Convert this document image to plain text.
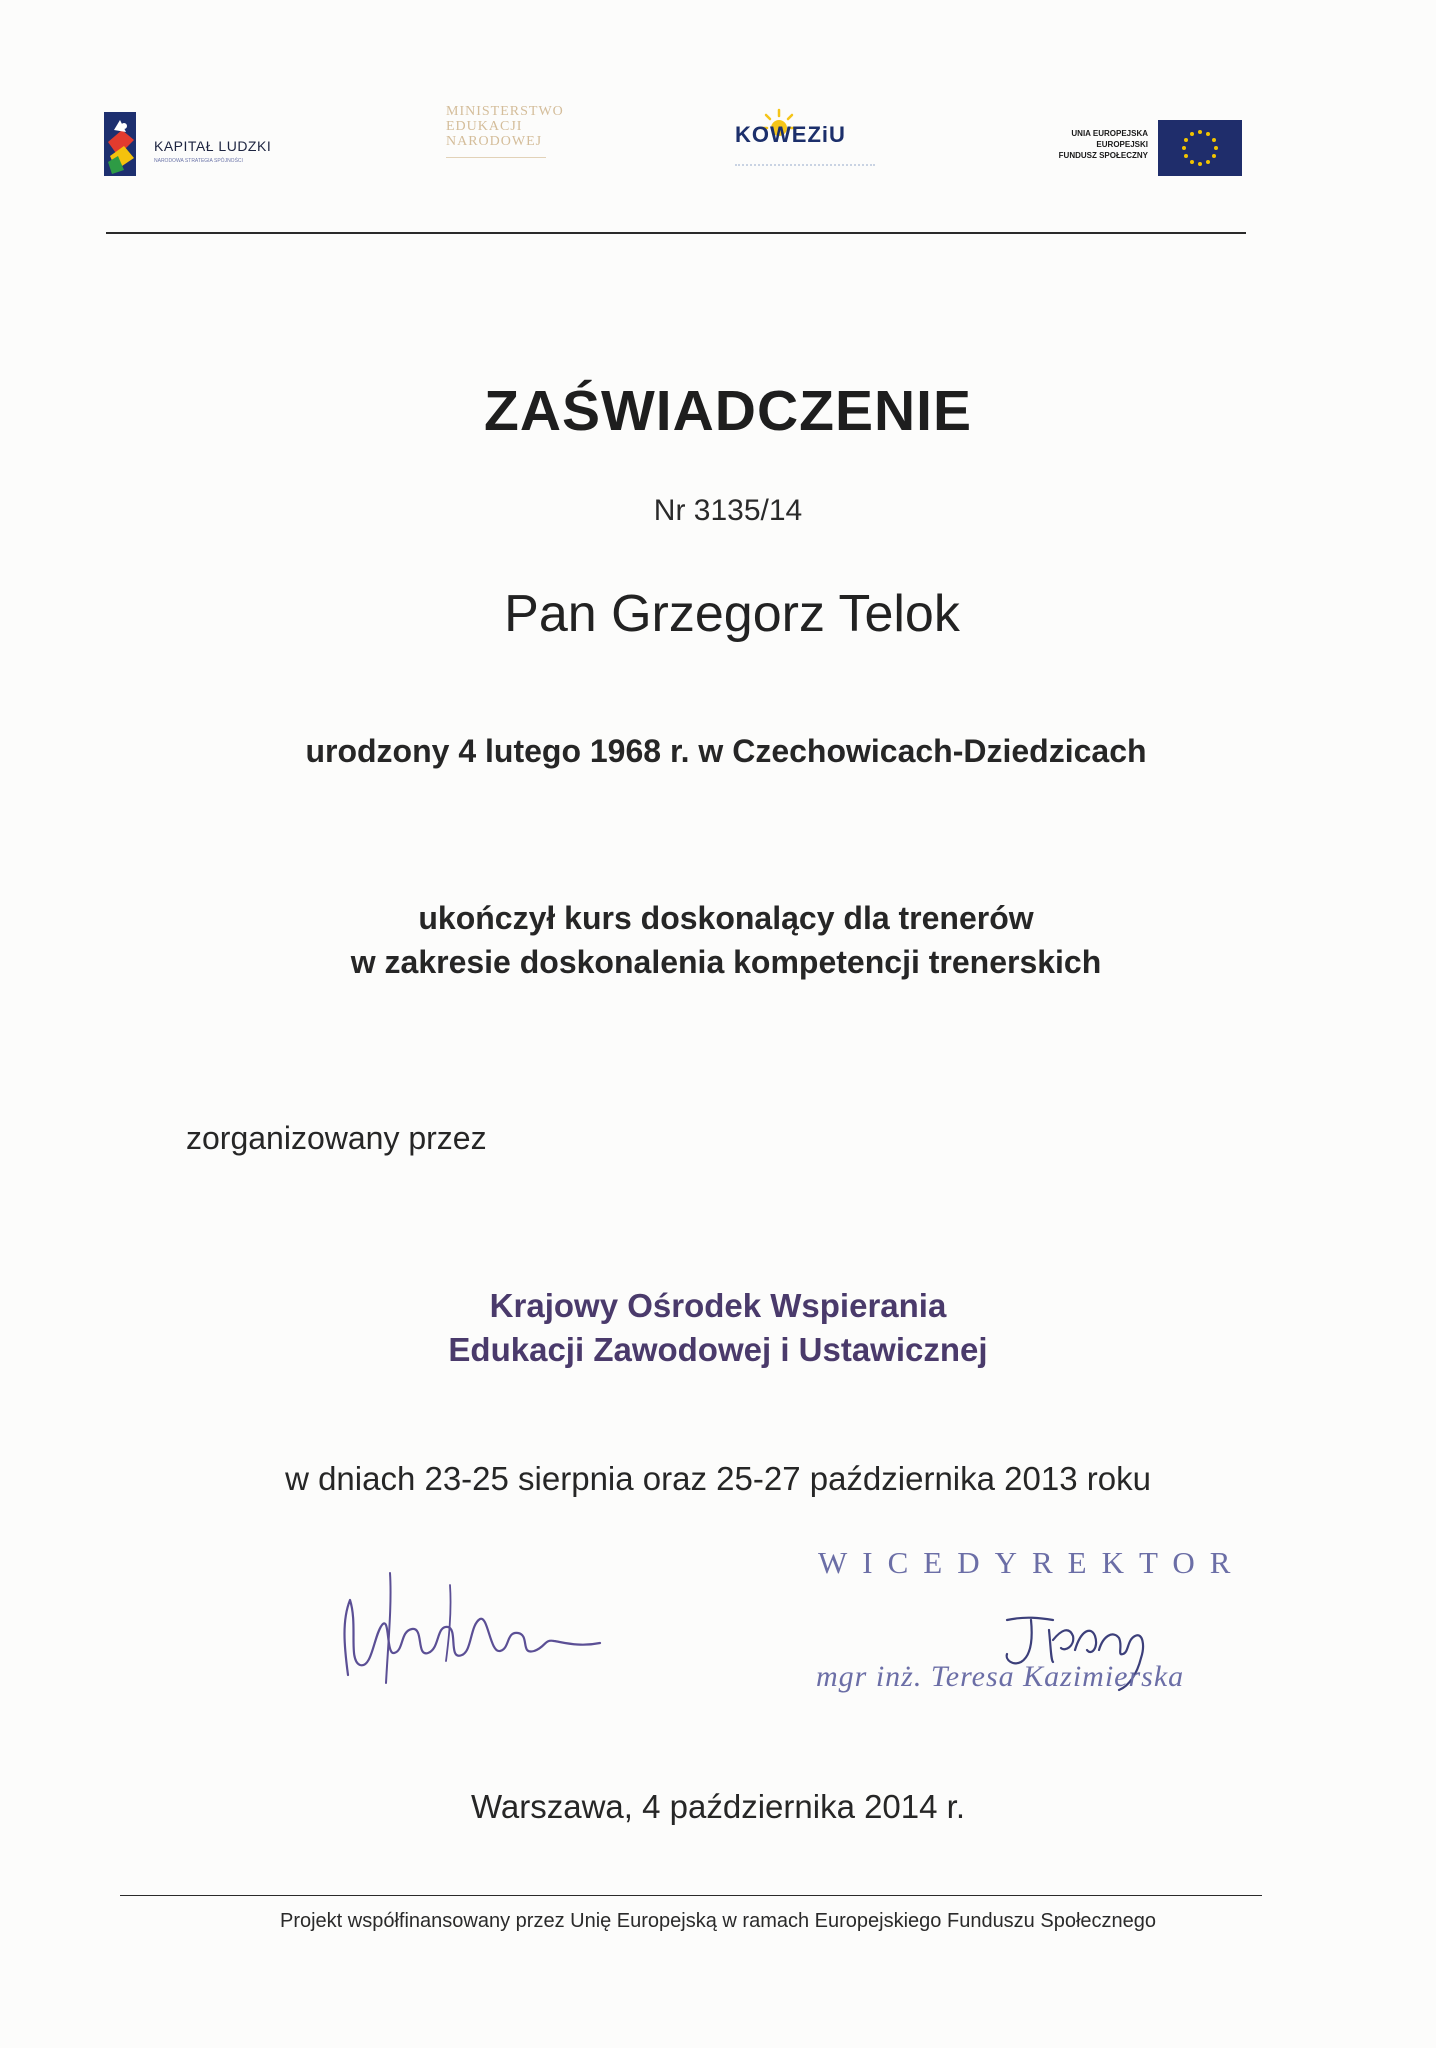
KAPITAŁ LUDZKI
NARODOWA STRATEGIA SPÓJNOŚCI
MINISTERSTWO
EDUKACJI
NARODOWEJ	KOWEZiU	UNIA EUROPEJSKA
EUROPEJSKI
FUNDUSZ SPOŁECZNY
ZAŚWIADCZENIE
Nr 3135/14
Pan Grzegorz Telok
urodzony 4 lutego 1968 r. w Czechowicach-Dziedzicach
ukończył kurs doskonalący dla trenerów
w zakresie doskonalenia kompetencji trenerskich
zorganizowany przez
Krajowy Ośrodek Wspierania
Edukacji Zawodowej i Ustawicznej
w dniach 23-25 sierpnia oraz 25-27 października 2013 roku
WICEDYREKTOR
mgr inż. Teresa Kazimierska
Warszawa, 4 października 2014 r.
Projekt współfinansowany przez Unię Europejską w ramach Europejskiego Funduszu Społecznego
